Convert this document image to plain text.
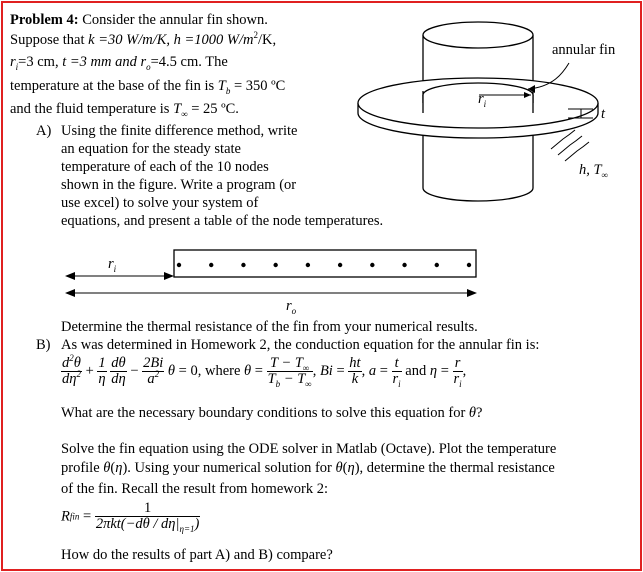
Problem 4: Consider the annular fin shown.
Suppose that k =30 W/m/K, h =1000 $W/m^2/K$,
$r_i=3$ cm, t =3 mm and $r_o=4.5$ cm. The
temperature at the base of the fin is $T_b = 350$ ºC
and the fluid temperature is $T_\infty = 25$ ºC.
A) Using the finite difference method, write
an equation for the steady state
temperature of each of the 10 nodes
shown in the figure. Write a program (or
use excel) to solve your system of
equations, and present a table of the node temperatures.
annular fin
$r_i$
t
h, $T_\infty$
$r_i$
$r_o$
Determine the thermal resistance of the fin from your numerical results.
B) As was determined in Homework 2, the conduction equation for the annular fin is:
$\frac{d^2\theta}{d\eta^2} + \frac{1}{\eta}$
$\frac{d\theta}{d\eta} - \frac{2Bi}{a^2}$ θ = 0, where $\theta = \frac{T - T_\infty}{T_b - T_\infty}$ , $Bi = \frac{ht}{k}$ , $a = \frac{t}{r_i}$ and $\eta = \frac{r}{r_i}$ ,
What are the necessary boundary conditions to solve this equation for θ?
Solve the fin equation using the ODE solver in Matlab (Octave). Plot the temperature
profile θ(η). Using your numerical solution for θ(η), determine the thermal resistance
of the fin. Recall the result from homework 2:
Rfin = $\frac{1}{2\pi kt(-d\theta / d\eta|_{\eta=1})}$
How do the results of part A) and B) compare?
